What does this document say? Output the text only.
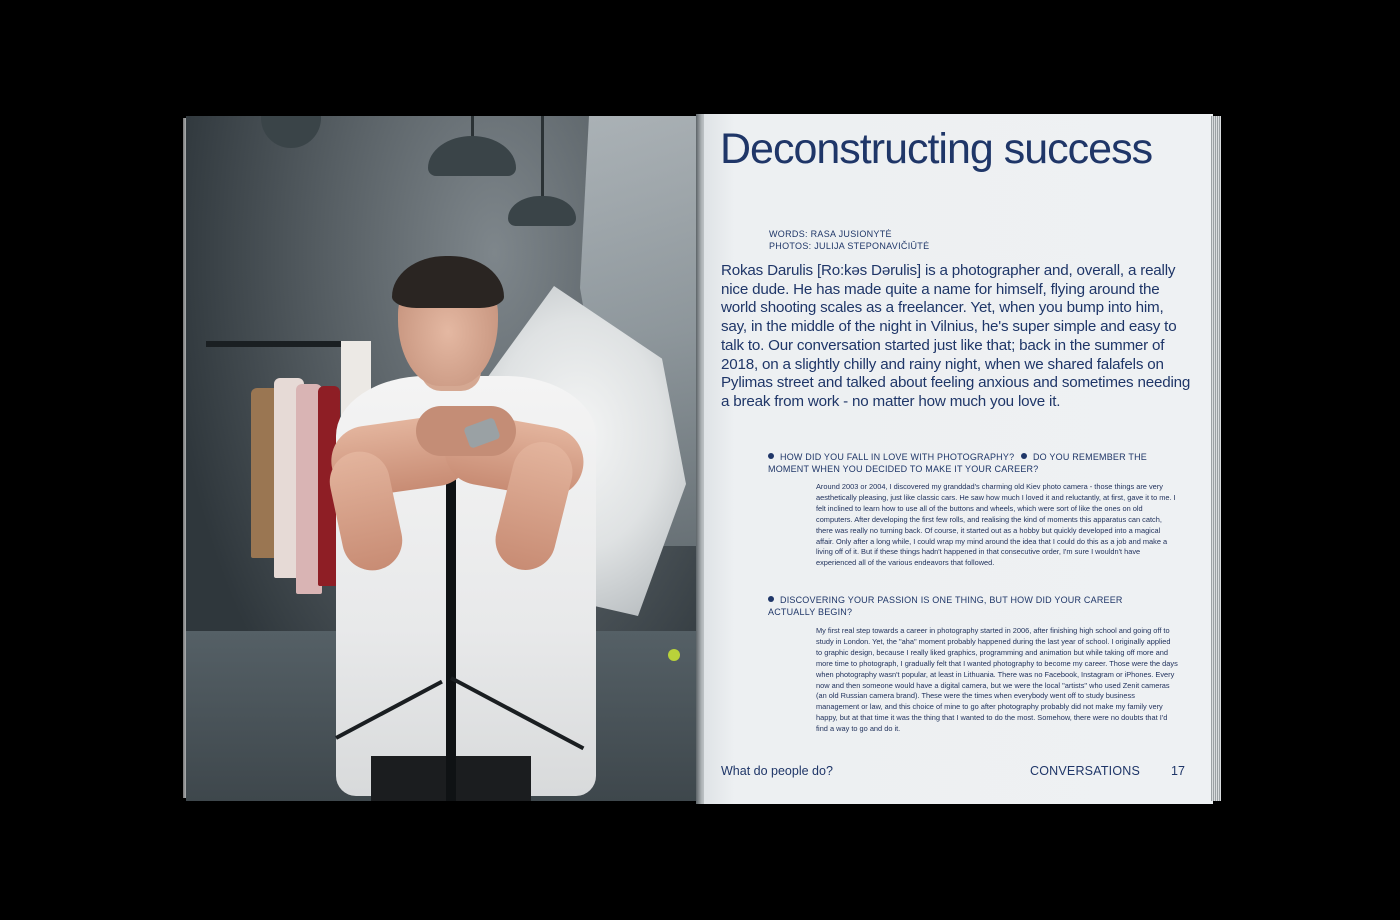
Deconstructing success
WORDS: RASA JUSIONYTĖ
PHOTOS: JULIJA STEPONAVIČIŪTĖ
Rokas Darulis [Ro:kəs Dərulis] is a photographer and, overall, a really nice dude. He has made quite a name for himself, flying around the world shooting scales as a freelancer. Yet, when you bump into him, say, in the middle of the night in Vilnius, he's super simple and easy to talk to. Our conversation started just like that; back in the summer of 2018, on a slightly chilly and rainy night, when we shared falafels on Pylimas street and talked about feeling anxious and sometimes needing a break from work - no matter how much you love it.
HOW DID YOU FALL IN LOVE WITH PHOTOGRAPHY? DO YOU REMEMBER THE MOMENT WHEN YOU DECIDED TO MAKE IT YOUR CAREER?
Around 2003 or 2004, I discovered my granddad's charming old Kiev photo camera - those things are very aesthetically pleasing, just like classic cars. He saw how much I loved it and reluctantly, at first, gave it to me. I felt inclined to learn how to use all of the buttons and wheels, which were sort of like the ones on old computers. After developing the first few rolls, and realising the kind of moments this apparatus can catch, there was really no turning back. Of course, it started out as a hobby but quickly developed into a magical affair. Only after a long while, I could wrap my mind around the idea that I could do this as a job and make a living off of it. But if these things hadn't happened in that consecutive order, I'm sure I wouldn't have experienced all of the various endeavors that followed.
DISCOVERING YOUR PASSION IS ONE THING, BUT HOW DID YOUR CAREER ACTUALLY BEGIN?
My first real step towards a career in photography started in 2006, after finishing high school and going off to study in London. Yet, the "aha" moment probably happened during the last year of school. I originally applied to graphic design, because I really liked graphics, programming and animation but while taking off more and more time to photograph, I gradually felt that I wanted photography to become my career. Those were the days when photography wasn't popular, at least in Lithuania. There was no Facebook, Instagram or iPhones. Every now and then someone would have a digital camera, but we were the local "artists" who used Zenit cameras (an old Russian camera brand). These were the times when everybody went off to study business management or law, and this choice of mine to go after photography probably did not make my family very happy, but at that time it was the thing that I wanted to do the most. Somehow, there were no doubts that I'd find a way to go and do it.
What do people do?	CONVERSATIONS 17
